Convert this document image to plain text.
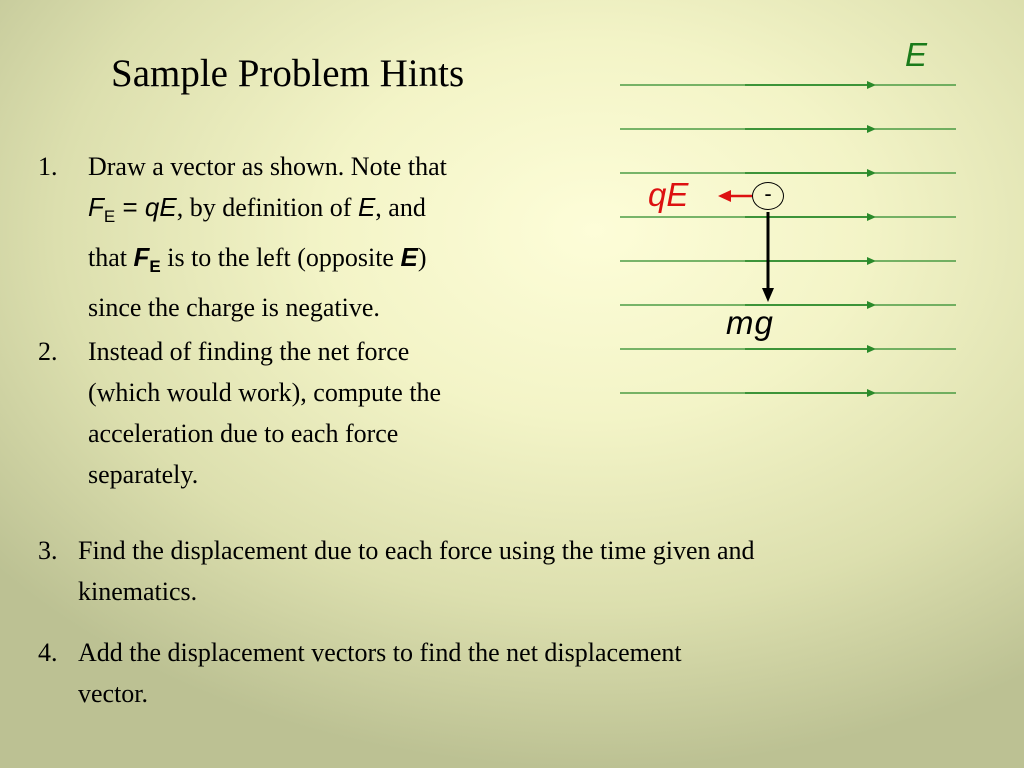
Sample Problem Hints
1. Draw a vector as shown. Note that
$F_E$ = qE, by definition of E, and
that $F_E$ is to the left (opposite E)
since the charge is negative.
2. Instead of finding the net force
(which would work), compute the
acceleration due to each force
separately.
3. Find the displacement due to each force using the time given and
kinematics.
4. Add the displacement vectors to find the net displacement
vector.
-
E
qE
mg
